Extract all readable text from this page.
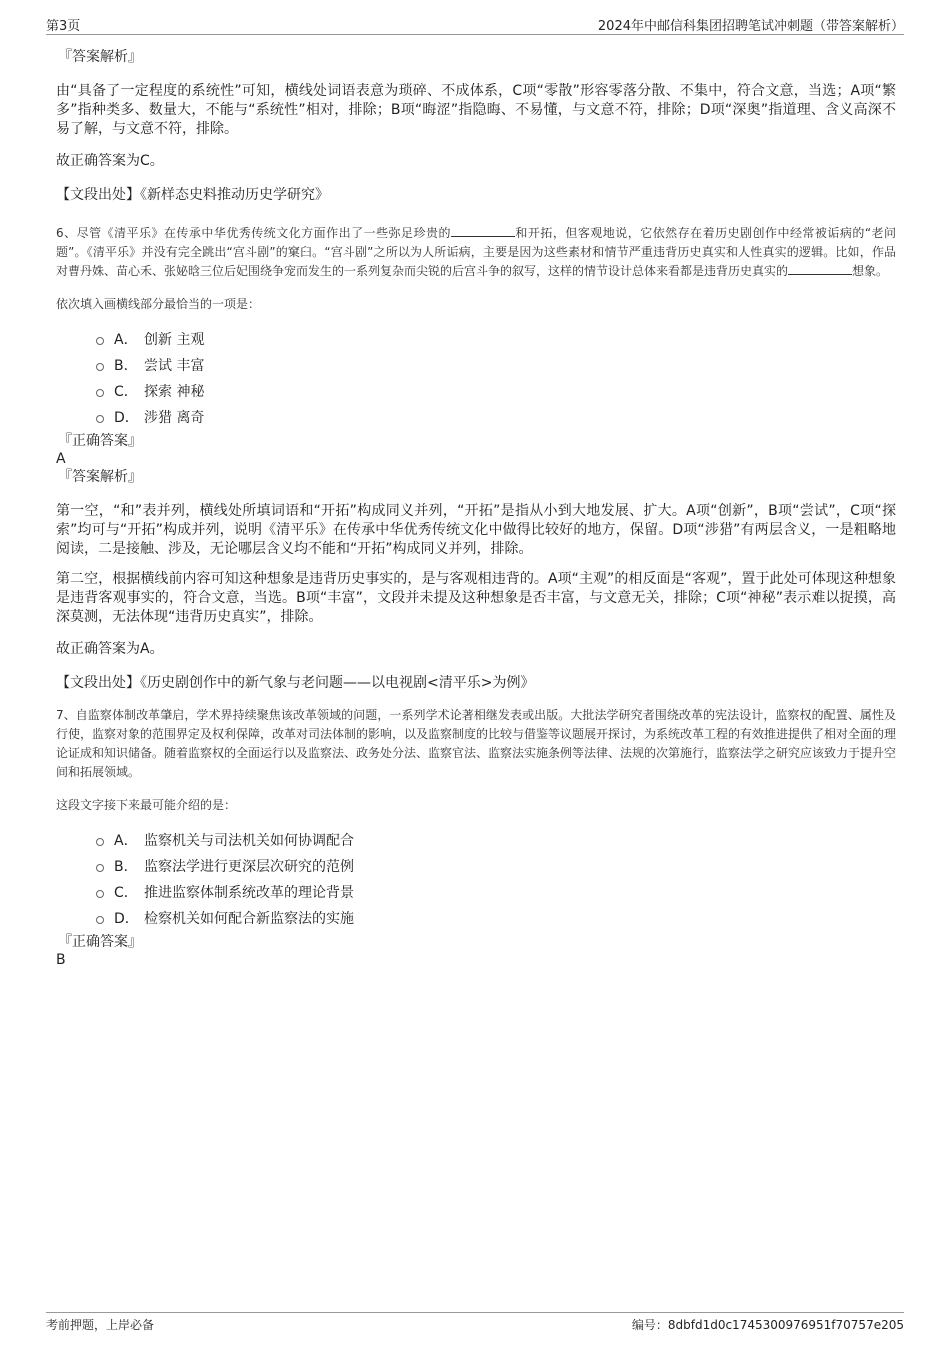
第3页	2024年中邮信科集团招聘笔试冲刺题（带答案解析）
『答案解析』

由“具备了一定程度的系统性”可知，横线处词语表意为琐碎、不成体系，C项“零散”形容零落分散、不集中，符合文意，当选；A项“繁多”指种类多、数量大，不能与“系统性”相对，排除；B项“晦涩”指隐晦、不易懂，与文意不符，排除；D项“深奥”指道理、含义高深不易了解，与文意不符，排除。

故正确答案为C。
【文段出处】《新样态史料推动历史学研究》

6、尽管《清平乐》在传承中华优秀传统文化方面作出了一些弥足珍贵的	和开拓，但客观地说，它依然存在着历史剧创作中经常被诟病的“老问题”。《清平乐》并没有完全跳出“宫斗剧”的窠臼。“宫斗剧”之所以为人所诟病，主要是因为这些素材和情节严重违背历史真实和人性真实的逻辑。比如，作品对曹丹姝、苗心禾、张妼晗三位后妃围绕争宠而发生的一系列复杂而尖锐的后宫斗争的叙写，这样的情节设计总体来看都是违背历史真实的	想象。

依次填入画横线部分最恰当的一项是：
A． 创新 主观
B． 尝试 丰富
C． 探索 神秘
D． 涉猎 离奇
『正确答案』
A
『答案解析』

第一空，“和”表并列，横线处所填词语和“开拓”构成同义并列，“开拓”是指从小到大地发展、扩大。A项“创新”，B项“尝试”，C项“探索”均可与“开拓”构成并列，说明《清平乐》在传承中华优秀传统文化中做得比较好的地方，保留。D项“涉猎”有两层含义，一是粗略地阅读，二是接触、涉及，无论哪层含义均不能和“开拓”构成同义并列，排除。

第二空，根据横线前内容可知这种想象是违背历史事实的，是与客观相违背的。A项“主观”的相反面是“客观”，置于此处可体现这种想象是违背客观事实的，符合文意，当选。B项“丰富”，文段并未提及这种想象是否丰富，与文意无关，排除；C项“神秘”表示难以捉摸，高深莫测，无法体现“违背历史真实”，排除。

故正确答案为A。
【文段出处】《历史剧创作中的新气象与老问题——以电视剧<清平乐>为例》

7、自监察体制改革肇启，学术界持续聚焦该改革领域的问题，一系列学术论著相继发表或出版。大批法学研究者围绕改革的宪法设计，监察权的配置、属性及行使，监察对象的范围界定及权利保障，改革对司法体制的影响，以及监察制度的比较与借鉴等议题展开探讨，为系统改革工程的有效推进提供了相对全面的理论证成和知识储备。随着监察权的全面运行以及监察法、政务处分法、监察官法、监察法实施条例等法律、法规的次第施行，监察法学之研究应该致力于提升空间和拓展领域。

这段文字接下来最可能介绍的是：
A． 监察机关与司法机关如何协调配合
B． 监察法学进行更深层次研究的范例
C． 推进监察体制系统改革的理论背景
D． 检察机关如何配合新监察法的实施
『正确答案』
B
考前押题，上岸必备	编号：8dbfd1d0c1745300976951f70757e205
